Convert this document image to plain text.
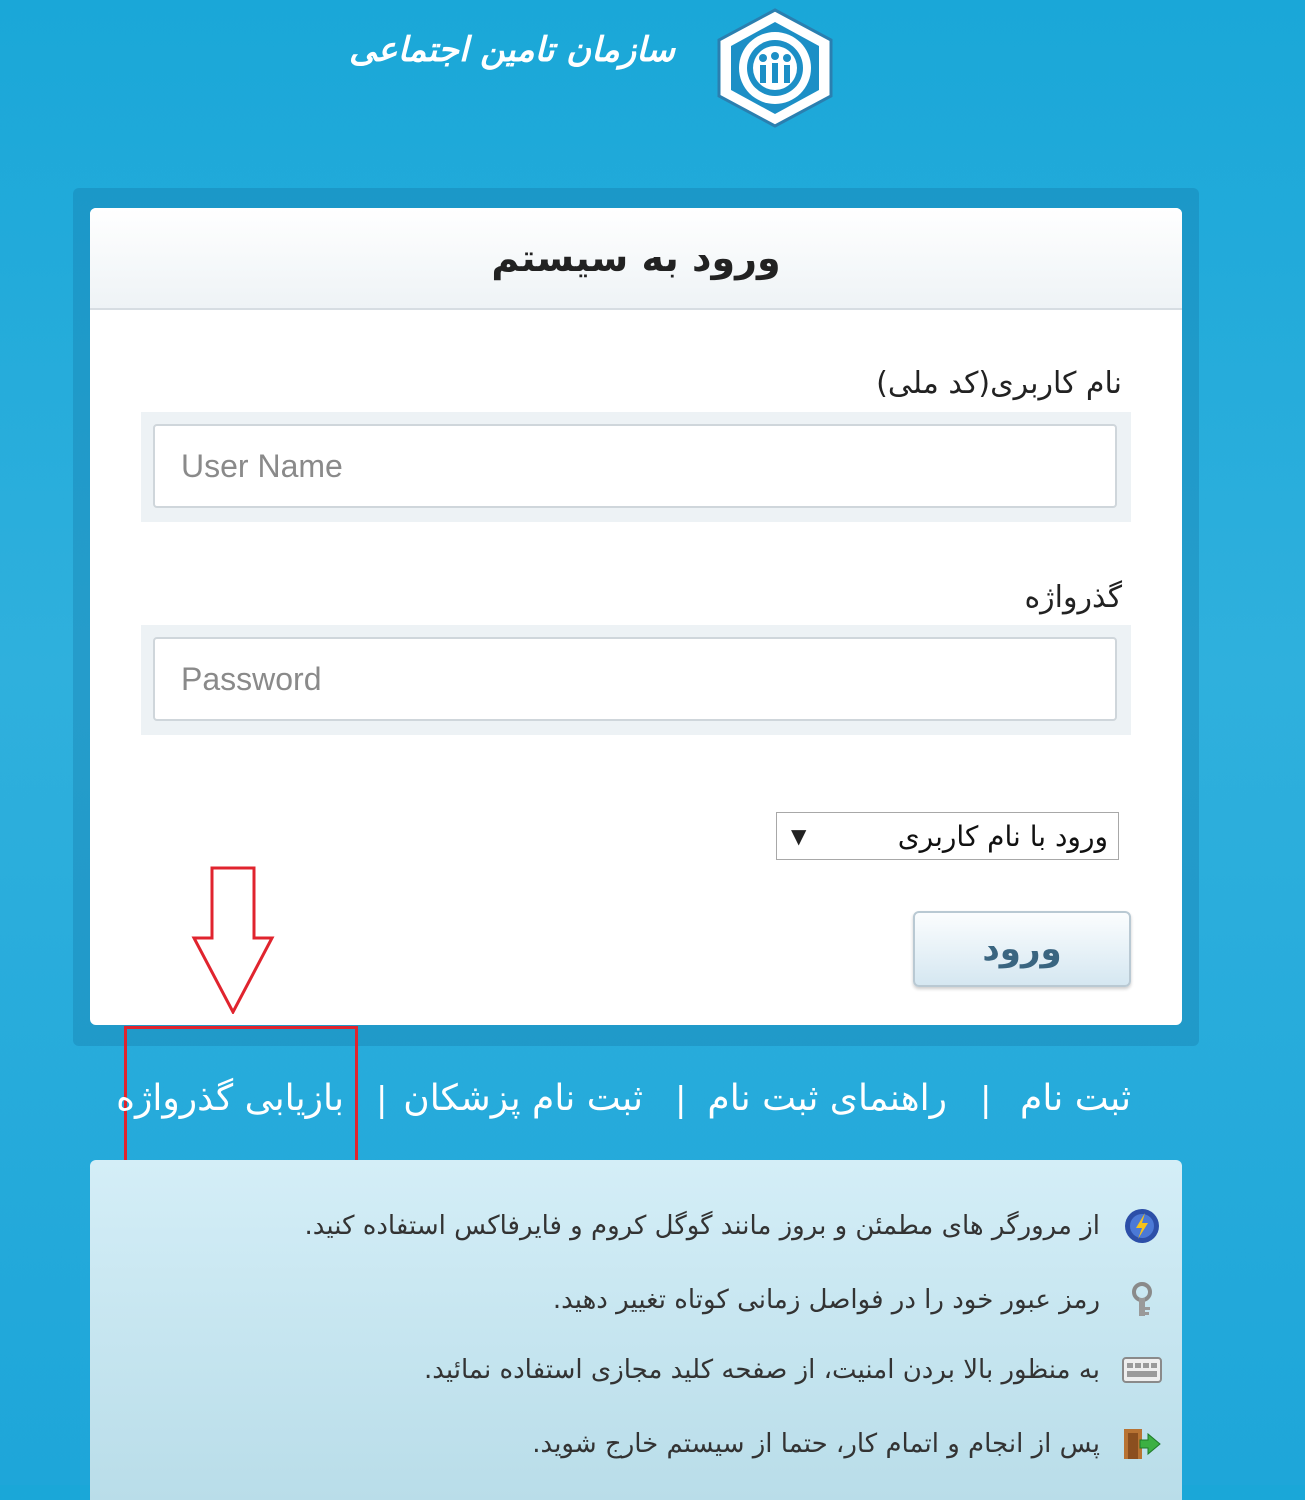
سازمان تامین اجتماعی
ورود به سیستم
نام کاربری(کد ملی)
User Name
گذرواژه
▼	ورود با نام کاربری
ورود
ثبت نام
|
راهنمای ثبت نام
|
ثبت نام پزشکان
|
بازیابی گذرواژه
از مرورگر های مطمئن و بروز مانند گوگل کروم و فایرفاکس استفاده کنید.
رمز عبور خود را در فواصل زمانی کوتاه تغییر دهید.
به منظور بالا بردن امنیت، از صفحه کلید مجازی استفاده نمائید.
پس از انجام و اتمام کار، حتما از سیستم خارج شوید.
